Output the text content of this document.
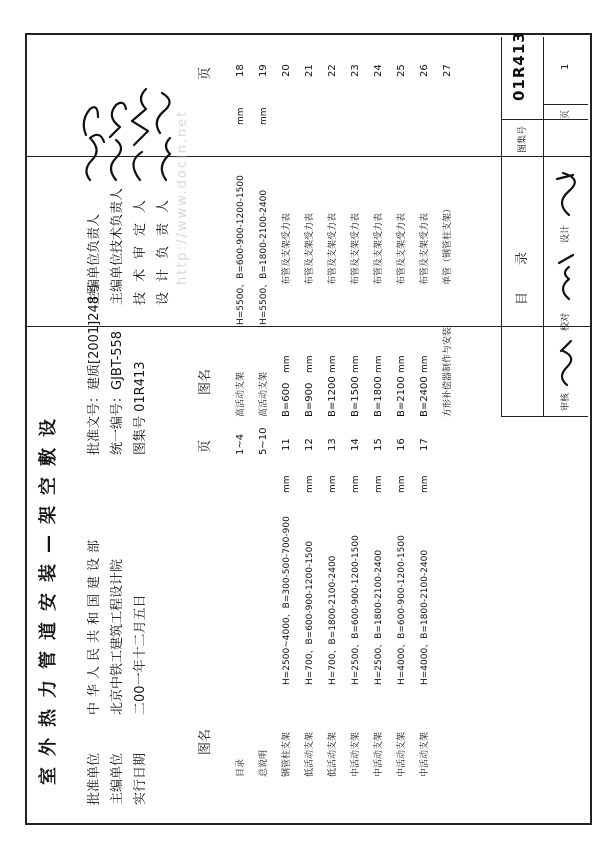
室外热力管道安装—架空敷设 批准单位
中华人民共和国建设部
批准文号：建质[2001]248号
主编单位
北京中铁工建筑工程设计院
统一编号：GJBT-558
实行日期
二00一年十二月五日
图集号 01R413
主编单位负责人 主编单位技术负责人 技术审定人 设计负责人
图名
页
目录
1~4
总说明
5~10
钢管柱支架
H=2500~4000、B=300-500-700-900
mm
11
低活动支架
H=700、B=600-900-1200-1500
mm
12
低活动支架
H=700、B=1800-2100-2400
mm
13
中活动支架
H=2500、B=600-900-1200-1500
mm
14
中活动支架
H=2500、B=1800-2100-2400
mm
15
中活动支架
H=4000、B=600-900-1200-1500
mm
16
中活动支架
H=4000、B=1800-2100-2400
mm
17
图名
页
高活动支架
H=5500、B=600-900-1200-1500
mm
18
高活动支架
H=5500、B=1800-2100-2400
mm
19
B=600
mm
布管及支架受力表
20
B=900
mm
布管及支架受力表
21
B=1200
mm
布管及支架受力表
22
B=1500
mm
布管及支架受力表
23
B=1800
mm
布管及支架受力表
24
B=2100
mm
布管及支架受力表
25
B=2400
mm
布管及支架受力表
26
方形补偿器制作与安装
单管（钢管柱支架）
27
目
录
图集号
01R413
审核
校对
设计
页
1
http://www.docin.net
